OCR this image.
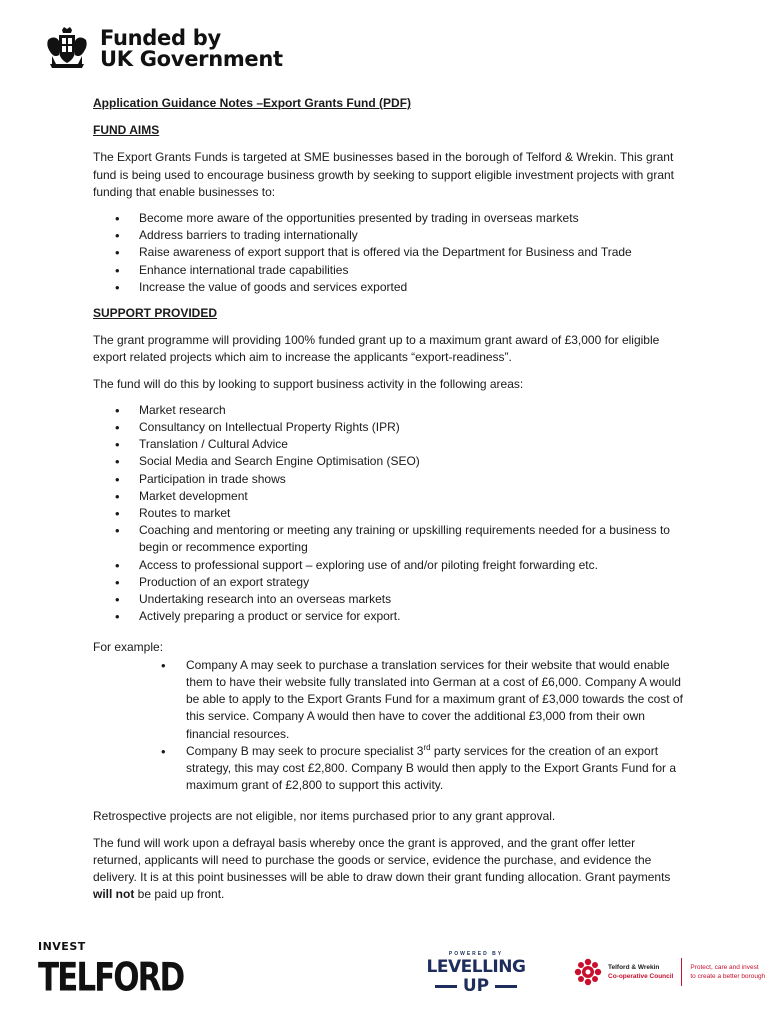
Funded by
UK Government
Application Guidance Notes –Export Grants Fund (PDF)
FUND AIMS

The Export Grants Funds is targeted at SME businesses based in the borough of Telford & Wrekin. This grant fund is being used to encourage business growth by seeking to support eligible investment projects with grant funding that enable businesses to:

• Become more aware of the opportunities presented by trading in overseas markets
• Address barriers to trading internationally
• Raise awareness of export support that is offered via the Department for Business and Trade
• Enhance international trade capabilities
• Increase the value of goods and services exported
SUPPORT PROVIDED

The grant programme will providing 100% funded grant up to a maximum grant award of £3,000 for eligible export related projects which aim to increase the applicants “export-readiness”.

The fund will do this by looking to support business activity in the following areas:

• Market research
• Consultancy on Intellectual Property Rights (IPR)
• Translation / Cultural Advice
• Social Media and Search Engine Optimisation (SEO)
• Participation in trade shows
• Market development
• Routes to market
• Coaching and mentoring or meeting any training or upskilling requirements needed for a business to begin or recommence exporting
• Access to professional support – exploring use of and/or piloting freight forwarding etc.
• Production of an export strategy
• Undertaking research into an overseas markets
• Actively preparing a product or service for export.

For example:

• Company A may seek to purchase a translation services for their website that would enable them to have their website fully translated into German at a cost of £6,000. Company A would be able to apply to the Export Grants Fund for a maximum grant of £3,000 towards the cost of this service. Company A would then have to cover the additional £3,000 from their own financial resources.
• Company B may seek to procure specialist 3rd party services for the creation of an export strategy, this may cost £2,800. Company B would then apply to the Export Grants Fund for a maximum grant of £2,800 to support this activity.

Retrospective projects are not eligible, nor items purchased prior to any grant approval.

The fund will work upon a defrayal basis whereby once the grant is approved, and the grant offer letter returned, applicants will need to purchase the goods or service, evidence the purchase, and evidence the delivery. It is at this point businesses will be able to draw down their grant funding allocation. Grant payments will not be paid up front.

INVEST
TELFORD
POWERED BY
LEVELLING
UP
Telford & Wrekin
Co-operative Council
Protect, care and invest
to create a better borough
